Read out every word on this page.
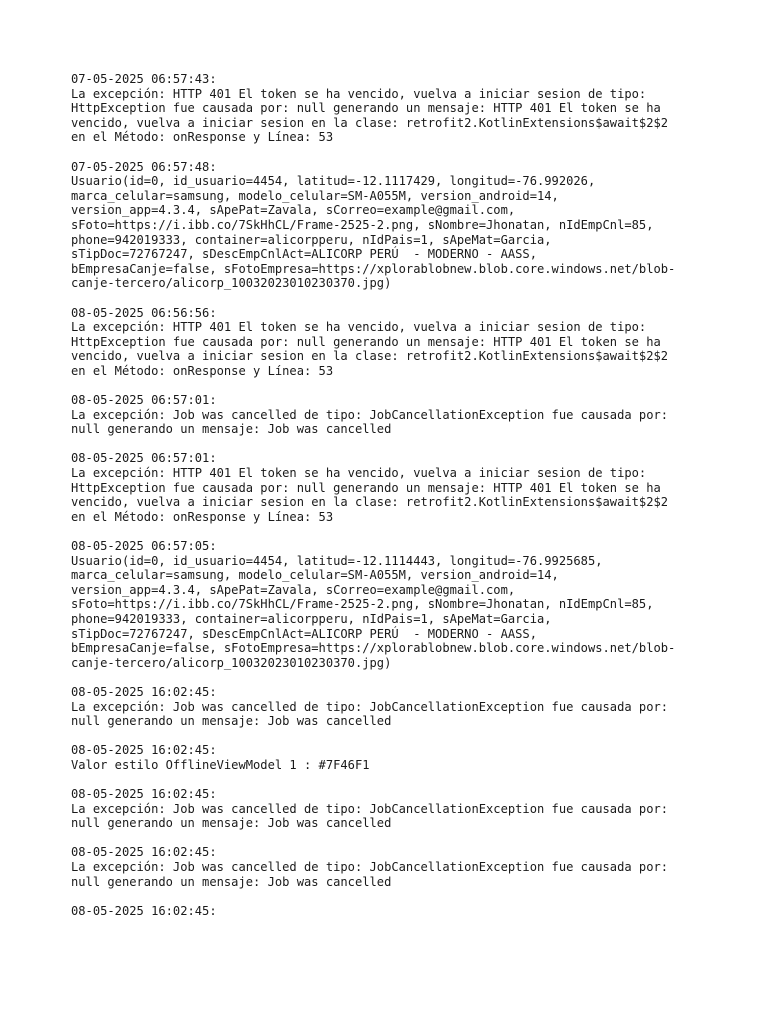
07-05-2025 06:57:43:
La excepción: HTTP 401 El token se ha vencido, vuelva a iniciar sesion de tipo:
HttpException fue causada por: null generando un mensaje: HTTP 401 El token se ha
vencido, vuelva a iniciar sesion en la clase: retrofit2.KotlinExtensions$await$2$2
en el Método: onResponse y Línea: 53
07-05-2025 06:57:48:
Usuario(id=0, id_usuario=4454, latitud=-12.1117429, longitud=-76.992026,
marca_celular=samsung, modelo_celular=SM-A055M, version_android=14,
version_app=4.3.4, sApePat=Zavala, sCorreo=example@gmail.com,
sFoto=https://i.ibb.co/7SkHhCL/Frame-2525-2.png, sNombre=Jhonatan, nIdEmpCnl=85,
phone=942019333, container=alicorpperu, nIdPais=1, sApeMat=Garcia,
sTipDoc=72767247, sDescEmpCnlAct=ALICORP PERÚ  - MODERNO - AASS,
bEmpresaCanje=false, sFotoEmpresa=https://xplorablobnew.blob.core.windows.net/blob-
canje-tercero/alicorp_10032023010230370.jpg)
08-05-2025 06:56:56:
La excepción: HTTP 401 El token se ha vencido, vuelva a iniciar sesion de tipo:
HttpException fue causada por: null generando un mensaje: HTTP 401 El token se ha
vencido, vuelva a iniciar sesion en la clase: retrofit2.KotlinExtensions$await$2$2
en el Método: onResponse y Línea: 53
08-05-2025 06:57:01:
La excepción: Job was cancelled de tipo: JobCancellationException fue causada por:
null generando un mensaje: Job was cancelled
08-05-2025 06:57:01:
La excepción: HTTP 401 El token se ha vencido, vuelva a iniciar sesion de tipo:
HttpException fue causada por: null generando un mensaje: HTTP 401 El token se ha
vencido, vuelva a iniciar sesion en la clase: retrofit2.KotlinExtensions$await$2$2
en el Método: onResponse y Línea: 53
08-05-2025 06:57:05:
Usuario(id=0, id_usuario=4454, latitud=-12.1114443, longitud=-76.9925685,
marca_celular=samsung, modelo_celular=SM-A055M, version_android=14,
version_app=4.3.4, sApePat=Zavala, sCorreo=example@gmail.com,
sFoto=https://i.ibb.co/7SkHhCL/Frame-2525-2.png, sNombre=Jhonatan, nIdEmpCnl=85,
phone=942019333, container=alicorpperu, nIdPais=1, sApeMat=Garcia,
sTipDoc=72767247, sDescEmpCnlAct=ALICORP PERÚ  - MODERNO - AASS,
bEmpresaCanje=false, sFotoEmpresa=https://xplorablobnew.blob.core.windows.net/blob-
canje-tercero/alicorp_10032023010230370.jpg)
08-05-2025 16:02:45:
La excepción: Job was cancelled de tipo: JobCancellationException fue causada por:
null generando un mensaje: Job was cancelled
08-05-2025 16:02:45:
Valor estilo OfflineViewModel 1 : #7F46F1
08-05-2025 16:02:45:
La excepción: Job was cancelled de tipo: JobCancellationException fue causada por:
null generando un mensaje: Job was cancelled
08-05-2025 16:02:45:
La excepción: Job was cancelled de tipo: JobCancellationException fue causada por:
null generando un mensaje: Job was cancelled
08-05-2025 16:02:45:
